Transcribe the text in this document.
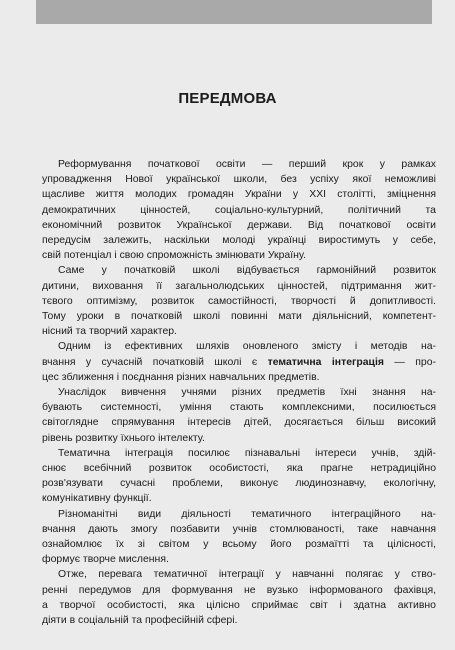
ПЕРЕДМОВА

Реформування початкової освіти — перший крок у рамках
упровадження Нової української школи, без успіху якої неможливі
щасливе життя молодих громадян України у XXI столітті, зміцнення
демократичних цінностей, соціально-культурний, політичний та
економічний розвиток Української держави. Від початкової освіти
передусім залежить, наскільки молоді українці виростимуть у себе,
свій потенціал і свою спроможність змінювати Україну.

Саме у початковій школі відбувається гармонійний розвиток
дитини, виховання її загальнолюдських цінностей, підтримання жит-
тєвого оптимізму, розвиток самостійності, творчості й допитливості.
Тому уроки в початковій школі повинні мати діяльнісний, компетент-
нісний та творчий характер.

Одним із ефективних шляхів оновленого змісту і методів на-
вчання у сучасній початковій школі є тематична інтеграція — про-
цес зближення і поєднання різних навчальних предметів.

Унаслідок вивчення учнями різних предметів їхні знання на-
бувають системності, уміння стають комплексними, посилюється
світоглядне спрямування інтересів дітей, досягається більш високий
рівень розвитку їхнього інтелекту.

Тематична інтеграція посилює пізнавальні інтереси учнів, здій-
снює всебічний розвиток особистості, яка прагне нетрадиційно
розв'язувати сучасні проблеми, виконує людинознавчу, екологічну,
комунікативну функції.

Різноманітні види діяльності тематичного інтеграційного на-
вчання дають змогу позбавити учнів стомлюваності, таке навчання
ознайомлює їх зі світом у всьому його розмаїтті та цілісності,
формує творче мислення.

Отже, перевага тематичної інтеграції у навчанні полягає у ство-
ренні передумов для формування не вузько інформованого фахівця,
а творчої особистості, яка цілісно сприймає світ і здатна активно
діяти в соціальній та професійній сфері.
